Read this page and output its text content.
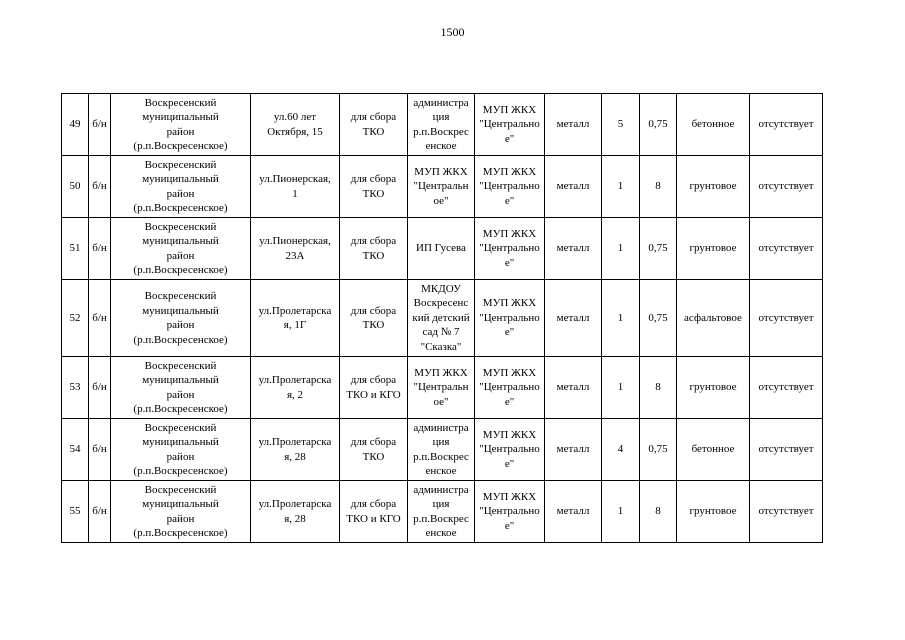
1500
49	б/н	Воскресенский
муниципальный
район
(р.п.Воскресенское)	ул.60 лет
Октября, 15	для сбора
ТКО	администра
ция
р.п.Воскрес
енское	МУП ЖКХ
"Центрально
е"	металл	5	0,75	бетонное	отсутствует
50	б/н	Воскресенский
муниципальный
район
(р.п.Воскресенское)	ул.Пионерская,
1	для сбора
ТКО	МУП ЖКХ
"Центральн
ое"	МУП ЖКХ
"Центрально
е"	металл	1	8	грунтовое	отсутствует
51	б/н	Воскресенский
муниципальный
район
(р.п.Воскресенское)	ул.Пионерская,
23А	для сбора
ТКО	ИП Гусева	МУП ЖКХ
"Центрально
е"	металл	1	0,75	грунтовое	отсутствует
52	б/н	Воскресенский
муниципальный
район
(р.п.Воскресенское)	ул.Пролетарска
я, 1Г	для сбора
ТКО	МКДОУ
Воскресенс
кий детский
сад № 7
"Сказка"	МУП ЖКХ
"Центрально
е"	металл	1	0,75	асфальтовое	отсутствует
53	б/н	Воскресенский
муниципальный
район
(р.п.Воскресенское)	ул.Пролетарска
я, 2	для сбора
ТКО и КГО	МУП ЖКХ
"Центральн
ое"	МУП ЖКХ
"Центрально
е"	металл	1	8	грунтовое	отсутствует
54	б/н	Воскресенский
муниципальный
район
(р.п.Воскресенское)	ул.Пролетарска
я, 28	для сбора
ТКО	администра
ция
р.п.Воскрес
енское	МУП ЖКХ
"Центрально
е"	металл	4	0,75	бетонное	отсутствует
55	б/н	Воскресенский
муниципальный
район
(р.п.Воскресенское)	ул.Пролетарска
я, 28	для сбора
ТКО и КГО	администра
ция
р.п.Воскрес
енское	МУП ЖКХ
"Центрально
е"	металл	1	8	грунтовое	отсутствует
